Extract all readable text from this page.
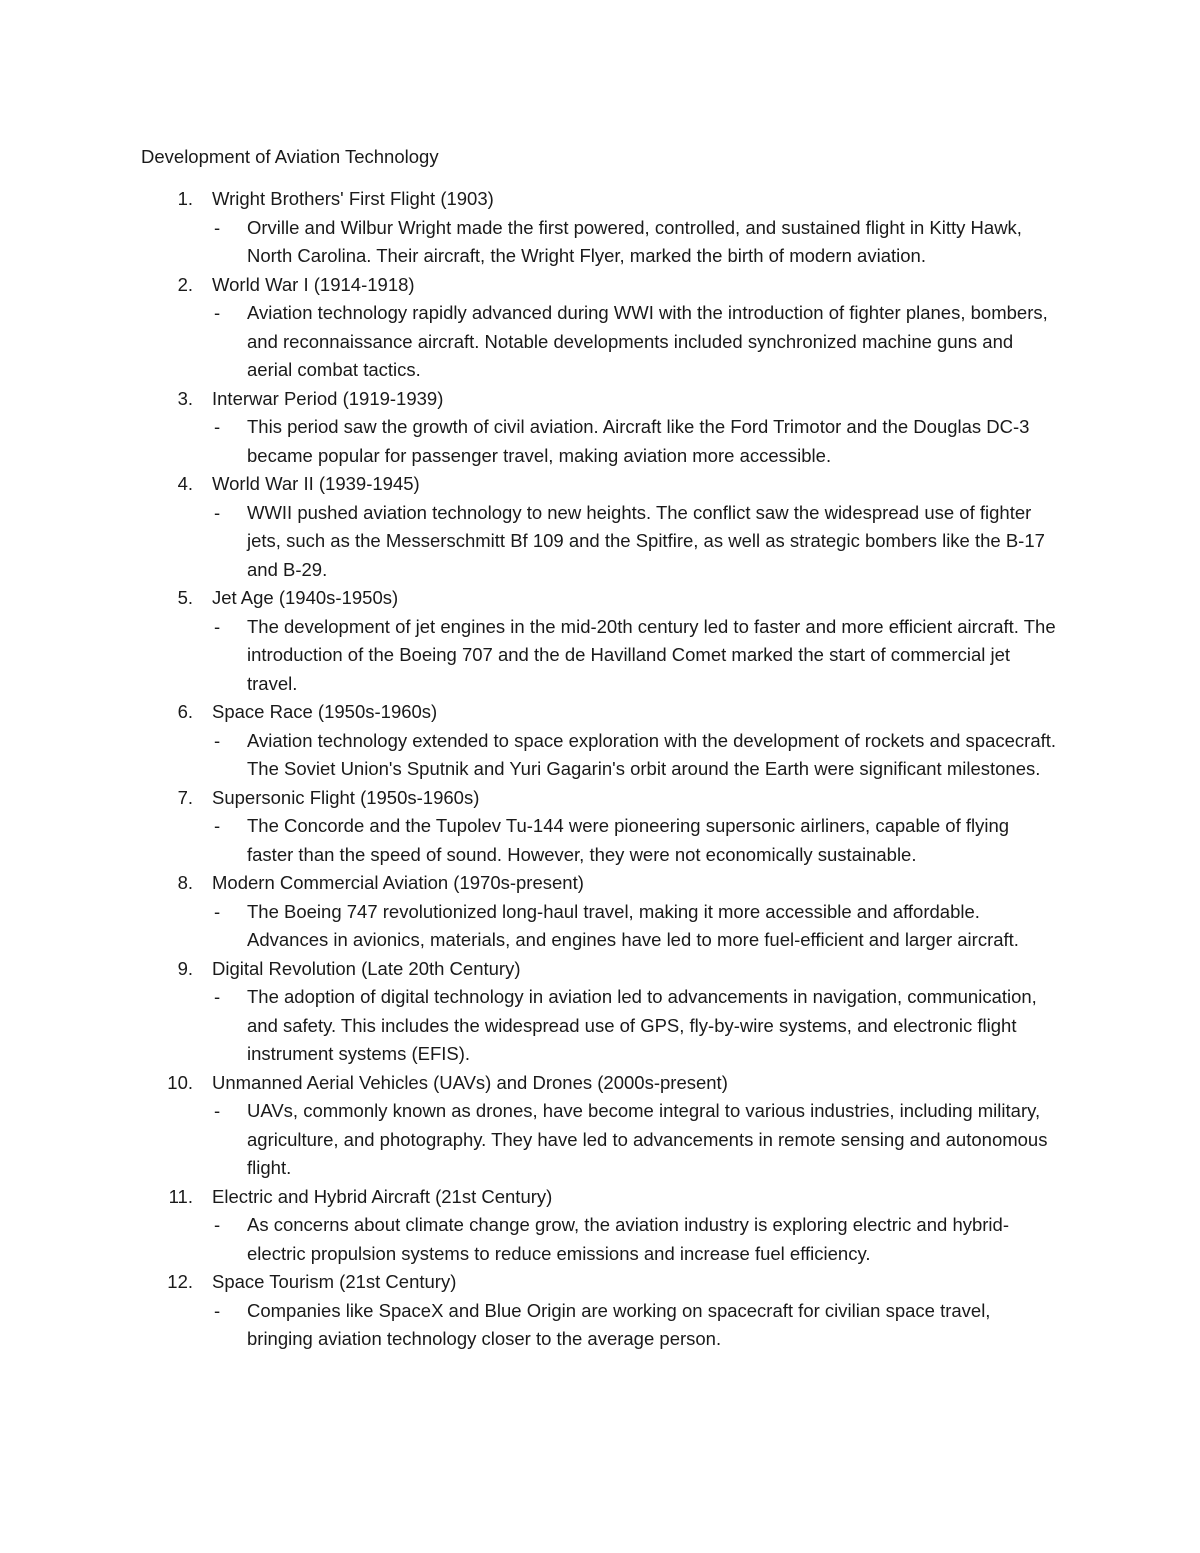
Development of Aviation Technology
1. Wright Brothers' First Flight (1903)
- Orville and Wilbur Wright made the first powered, controlled, and sustained flight in Kitty Hawk, North Carolina. Their aircraft, the Wright Flyer, marked the birth of modern aviation.
2. World War I (1914-1918)
- Aviation technology rapidly advanced during WWI with the introduction of fighter planes, bombers, and reconnaissance aircraft. Notable developments included synchronized machine guns and aerial combat tactics.
3. Interwar Period (1919-1939)
- This period saw the growth of civil aviation. Aircraft like the Ford Trimotor and the Douglas DC-3 became popular for passenger travel, making aviation more accessible.
4. World War II (1939-1945)
- WWII pushed aviation technology to new heights. The conflict saw the widespread use of fighter jets, such as the Messerschmitt Bf 109 and the Spitfire, as well as strategic bombers like the B-17 and B-29.
5. Jet Age (1940s-1950s)
- The development of jet engines in the mid-20th century led to faster and more efficient aircraft. The introduction of the Boeing 707 and the de Havilland Comet marked the start of commercial jet travel.
6. Space Race (1950s-1960s)
- Aviation technology extended to space exploration with the development of rockets and spacecraft. The Soviet Union's Sputnik and Yuri Gagarin's orbit around the Earth were significant milestones.
7. Supersonic Flight (1950s-1960s)
- The Concorde and the Tupolev Tu-144 were pioneering supersonic airliners, capable of flying faster than the speed of sound. However, they were not economically sustainable.
8. Modern Commercial Aviation (1970s-present)
- The Boeing 747 revolutionized long-haul travel, making it more accessible and affordable. Advances in avionics, materials, and engines have led to more fuel-efficient and larger aircraft.
9. Digital Revolution (Late 20th Century)
- The adoption of digital technology in aviation led to advancements in navigation, communication, and safety. This includes the widespread use of GPS, fly-by-wire systems, and electronic flight instrument systems (EFIS).
10. Unmanned Aerial Vehicles (UAVs) and Drones (2000s-present)
- UAVs, commonly known as drones, have become integral to various industries, including military, agriculture, and photography. They have led to advancements in remote sensing and autonomous flight.
11. Electric and Hybrid Aircraft (21st Century)
- As concerns about climate change grow, the aviation industry is exploring electric and hybrid-electric propulsion systems to reduce emissions and increase fuel efficiency.
12. Space Tourism (21st Century)
- Companies like SpaceX and Blue Origin are working on spacecraft for civilian space travel, bringing aviation technology closer to the average person.
